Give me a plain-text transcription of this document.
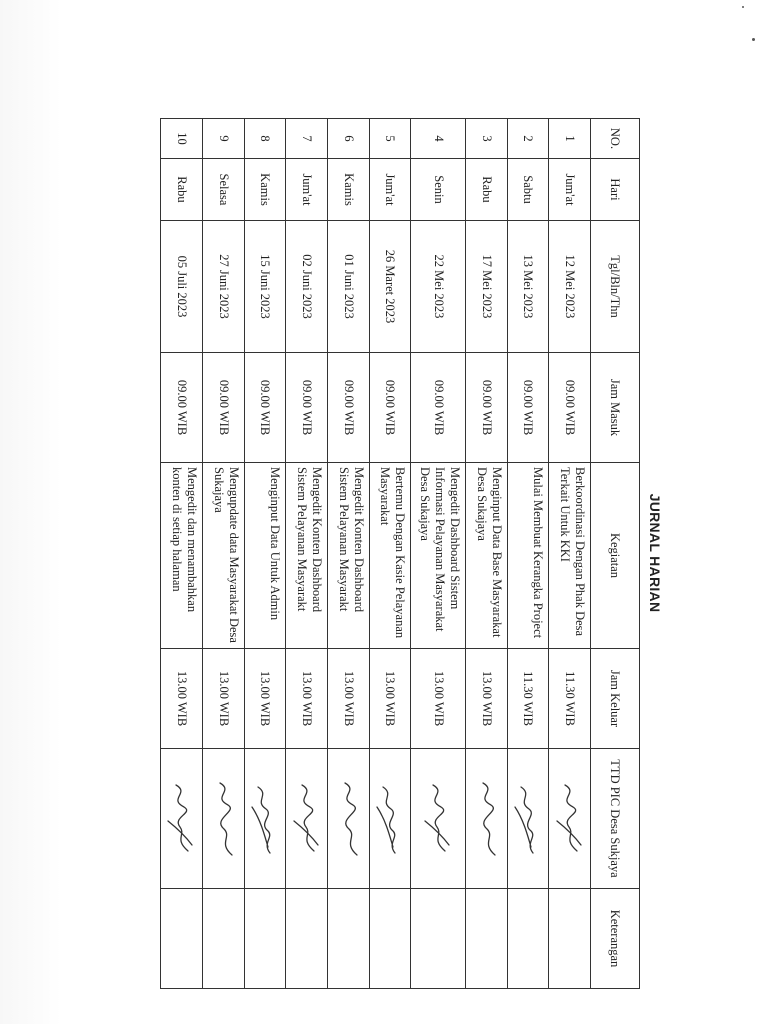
JURNAL HARIAN
NO.	Hari	Tgl/Bln/Thn	Jam Masuk	Kegiatan	Jam Keluar	TTD PIC Desa Sukjaya	Keterangan
1	Jum'at	12 Mei 2023	09.00 WIB	Berkoordinasi Dengan Phak Desa Terkait Untuk KKI	11.30 WIB	

2	Sabtu	13 Mei 2023	09.00 WIB	Mulai Membuat Kerangka Project	11.30 WIB	

3	Rabu	17 Mei 2023	09.00 WIB	Menginput Data Base Masyarakat Desa Sukajaya	13.00 WIB	

4	Senin	22 Mei 2023	09.00 WIB	Mengedit Dashboard Sistem Informasi Pelayanan Masyarakat Desa Sukajaya	13.00 WIB	

5	Jum'at	26 Maret 2023	09.00 WIB	Bertemu Dengan Kasie Pelayanan Masyarakat	13.00 WIB	

6	Kamis	01 Juni 2023	09.00 WIB	Mengedit Konten Dashboard Sistem Pelayanan Masyarakt	13.00 WIB	

7	Jum'at	02 Juni 2023	09.00 WIB	Mengedit Konten Dashboard Sistem Pelayanan Masyarakt	13.00 WIB	

8	Kamis	15 Juni 2023	09.00 WIB	Menginput Data Untuk Admin	13.00 WIB	

9	Selasa	27 Juni 2023	09.00 WIB	Mengupdate data Masyarakat Desa Sukajaya	13.00 WIB	

10	Rabu	05 Juli 2023	09.00 WIB	Mengedit dan menambahkan konten di setiap halaman	13.00 WIB	
